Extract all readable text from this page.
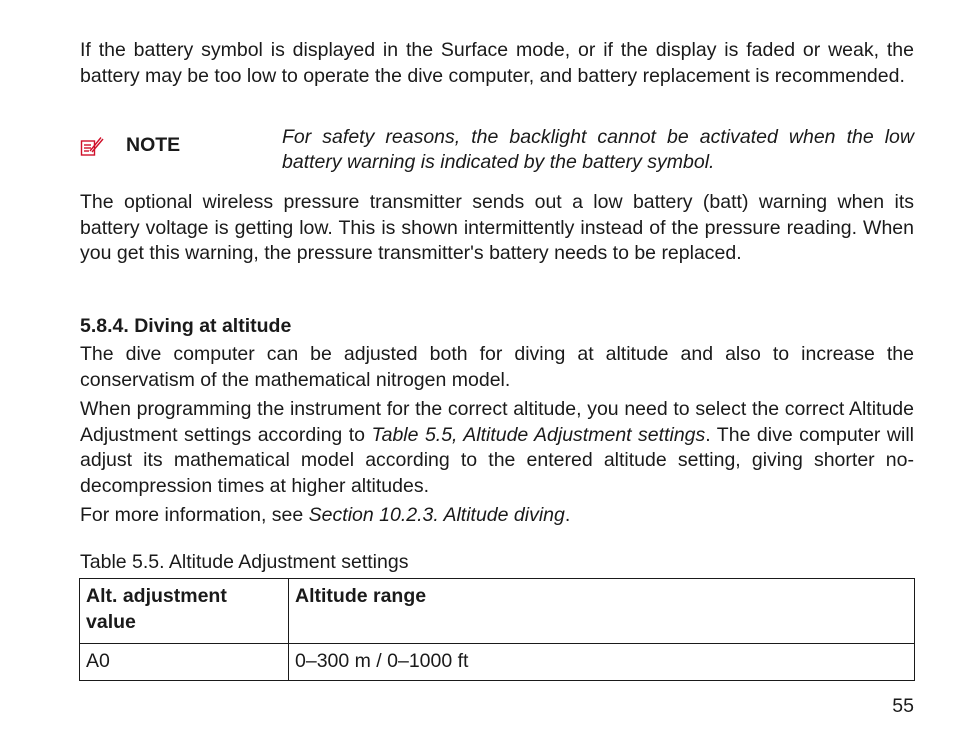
If the battery symbol is displayed in the Surface mode, or if the display is faded or weak, the battery may be too low to operate the dive computer, and battery replacement is recommended.
NOTE	For safety reasons, the backlight cannot be activated when the low battery warning is indicated by the battery symbol.
The optional wireless pressure transmitter sends out a low battery (batt) warning when its battery voltage is getting low. This is shown intermittently instead of the pressure reading. When you get this warning, the pressure transmitter's battery needs to be replaced.
5.8.4. Diving at altitude
The dive computer can be adjusted both for diving at altitude and also to increase the conservatism of the mathematical nitrogen model.
When programming the instrument for the correct altitude, you need to select the correct Altitude Adjustment settings according to Table 5.5, Altitude Adjustment settings. The dive computer will adjust its mathematical model according to the entered altitude setting, giving shorter no-decompression times at higher altitudes.
For more information, see Section 10.2.3. Altitude diving.
Table 5.5. Altitude Adjustment settings
Alt. adjustment value	Altitude range
A0	0–300 m / 0–1000 ft
55
